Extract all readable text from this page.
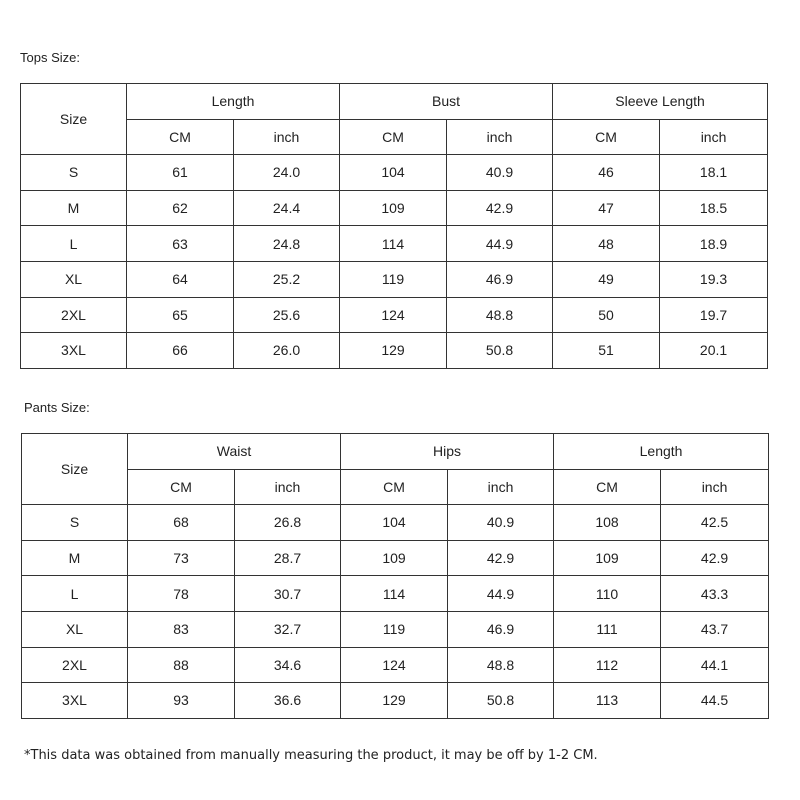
Tops Size:
Size	Length		Bust		Sleeve Length	
	CM	inch	CM	inch	CM	inch
S	61	24.0	104	40.9	46	18.1
M	62	24.4	109	42.9	47	18.5
L	63	24.8	114	44.9	48	18.9
XL	64	25.2	119	46.9	49	19.3
2XL	65	25.6	124	48.8	50	19.7
3XL	66	26.0	129	50.8	51	20.1
Pants Size:
Size	Waist		Hips		Length	
	CM	inch	CM	inch	CM	inch
S	68	26.8	104	40.9	108	42.5
M	73	28.7	109	42.9	109	42.9
L	78	30.7	114	44.9	110	43.3
XL	83	32.7	119	46.9	111	43.7
2XL	88	34.6	124	48.8	112	44.1
3XL	93	36.6	129	50.8	113	44.5
*This data was obtained from manually measuring the product, it may be off by 1-2 CM.
